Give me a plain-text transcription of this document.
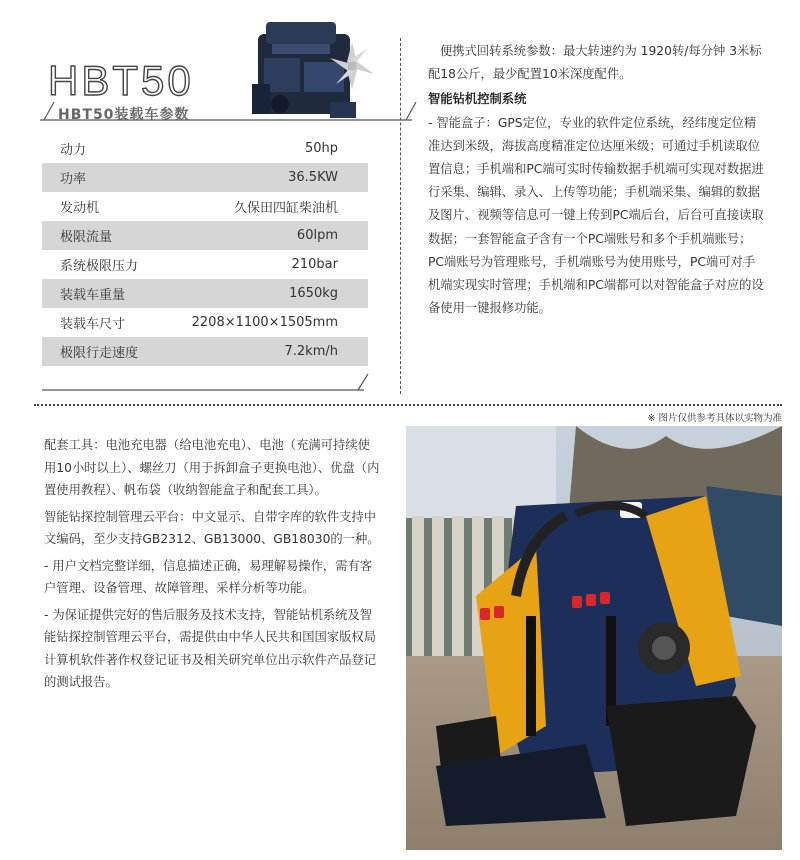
HBT50
HBT50装载车参数
动力	50hp
功率	36.5KW
发动机	久保田四缸柴油机
极限流量	60lpm
系统极限压力	210bar
装载车重量	1650kg
装载车尺寸	2208×1100×1505mm
极限行走速度	7.2km/h

便携式回转系统参数：最大转速约为 1920转/每分钟 3米标配18公斤，最少配置10米深度配件。

智能钻机控制系统

- 智能盒子：GPS定位，专业的软件定位系统，经纬度定位精准达到米级，海拔高度精准定位达厘米级；可通过手机读取位置信息；手机端和PC端可实时传输数据手机端可实现对数据进行采集、编辑、录入、上传等功能；手机端采集、编辑的数据及图片、视频等信息可一键上传到PC端后台，后台可直接读取数据；一套智能盒子含有一个PC端账号和多个手机端账号；PC端账号为管理账号，手机端账号为使用账号，PC端可对手机端实现实时管理；手机端和PC端都可以对智能盒子对应的设备使用一键报修功能。

※ 图片仅供参考具体以实物为准

配套工具：电池充电器（给电池充电）、电池（充满可持续使用10小时以上）、螺丝刀（用于拆卸盒子更换电池）、优盘（内置使用教程）、帆布袋（收纳智能盒子和配套工具）。

智能钻探控制管理云平台：中文显示、自带字库的软件支持中文编码，至少支持GB2312、GB13000、GB18030的一种。

- 用户文档完整详细，信息描述正确，易理解易操作，需有客户管理、设备管理、故障管理、采样分析等功能。

- 为保证提供完好的售后服务及技术支持，智能钻机系统及智能钻探控制管理云平台，需提供由中华人民共和国国家版权局计算机软件著作权登记证书及相关研究单位出示软件产品登记的测试报告。
